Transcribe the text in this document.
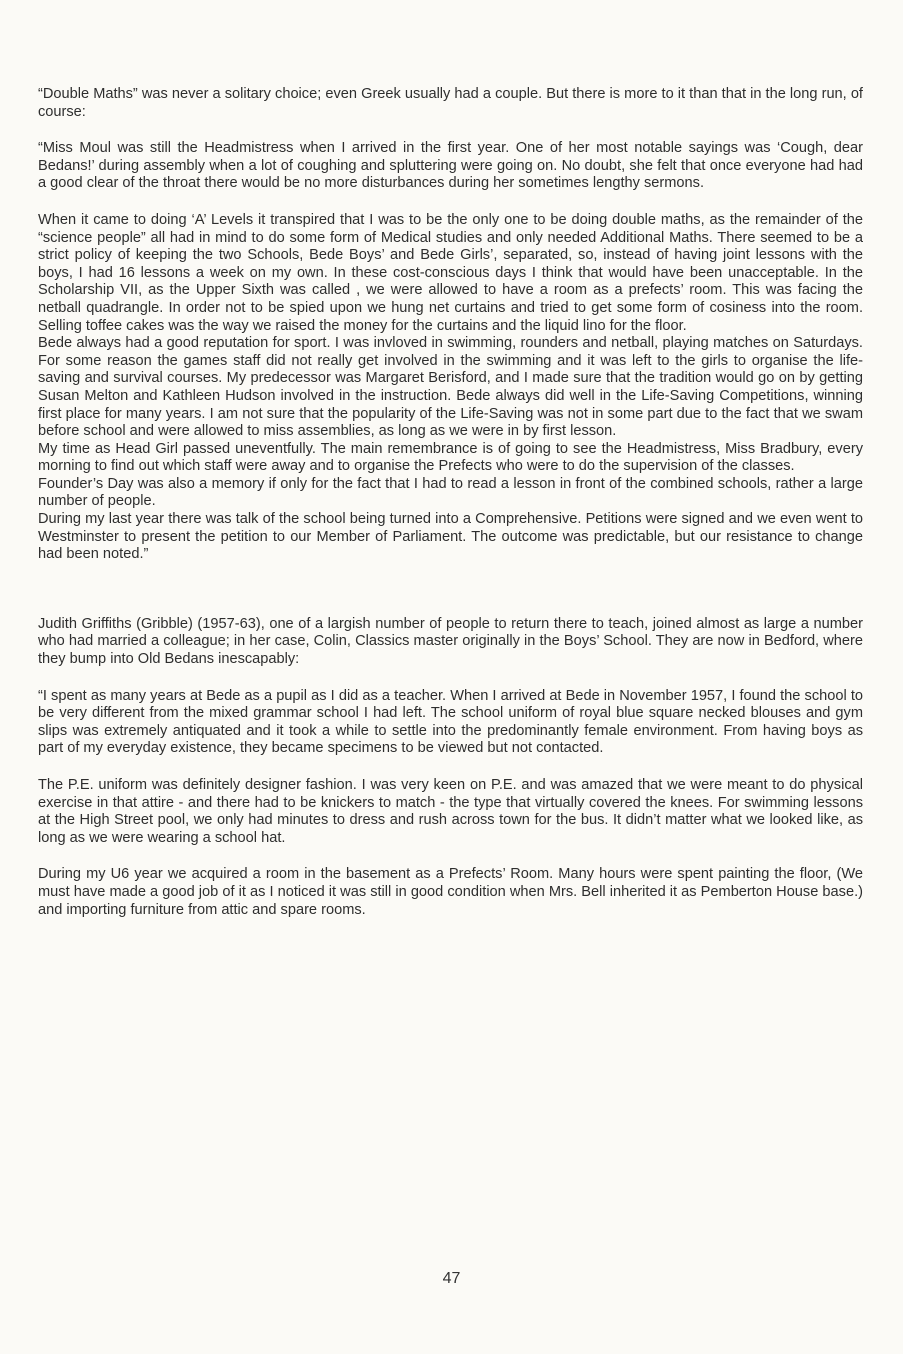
“Double Maths” was never a solitary choice; even Greek usually had a couple. But there is more to it than that in the long run, of course:

“Miss Moul was still the Headmistress when I arrived in the first year. One of her most notable sayings was ‘Cough, dear Bedans!’ during assembly when a lot of coughing and spluttering were going on. No doubt, she felt that once everyone had had a good clear of the throat there would be no more disturbances during her sometimes lengthy sermons.

When it came to doing ‘A’ Levels it transpired that I was to be the only one to be doing double maths, as the remainder of the “science people” all had in mind to do some form of Medical studies and only needed Additional Maths. There seemed to be a strict policy of keeping the two Schools, Bede Boys’ and Bede Girls’, separated, so, instead of having joint lessons with the boys, I had 16 lessons a week on my own. In these cost-conscious days I think that would have been unacceptable. In the Scholarship VII, as the Upper Sixth was called , we were allowed to have a room as a prefects’ room. This was facing the netball quadrangle. In order not to be spied upon we hung net curtains and tried to get some form of cosiness into the room. Selling toffee cakes was the way we raised the money for the curtains and the liquid lino for the floor.

Bede always had a good reputation for sport. I was invloved in swimming, rounders and netball, playing matches on Saturdays. For some reason the games staff did not really get involved in the swimming and it was left to the girls to organise the life-saving and survival courses. My predecessor was Margaret Berisford, and I made sure that the tradition would go on by getting Susan Melton and Kathleen Hudson involved in the instruction. Bede always did well in the Life-Saving Competitions, winning first place for many years. I am not sure that the popularity of the Life-Saving was not in some part due to the fact that we swam before school and were allowed to miss assemblies, as long as we were in by first lesson.

My time as Head Girl passed uneventfully. The main remembrance is of going to see the Headmistress, Miss Bradbury, every morning to find out which staff were away and to organise the Prefects who were to do the supervision of the classes.

Founder’s Day was also a memory if only for the fact that I had to read a lesson in front of the combined schools, rather a large number of people.

During my last year there was talk of the school being turned into a Comprehensive. Petitions were signed and we even went to Westminster to present the petition to our Member of Parliament. The outcome was predictable, but our resistance to change had been noted.”

Judith Griffiths (Gribble) (1957-63), one of a largish number of people to return there to teach, joined almost as large a number who had married a colleague; in her case, Colin, Classics master originally in the Boys’ School. They are now in Bedford, where they bump into Old Bedans inescapably:

“I spent as many years at Bede as a pupil as I did as a teacher. When I arrived at Bede in November 1957, I found the school to be very different from the mixed grammar school I had left. The school uniform of royal blue square necked blouses and gym slips was extremely antiquated and it took a while to settle into the predominantly female environment. From having boys as part of my everyday existence, they became specimens to be viewed but not contacted.

The P.E. uniform was definitely designer fashion. I was very keen on P.E. and was amazed that we were meant to do physical exercise in that attire - and there had to be knickers to match - the type that virtually covered the knees. For swimming lessons at the High Street pool, we only had minutes to dress and rush across town for the bus. It didn’t matter what we looked like, as long as we were wearing a school hat.

During my U6 year we acquired a room in the basement as a Prefects’ Room. Many hours were spent painting the floor, (We must have made a good job of it as I noticed it was still in good condition when Mrs. Bell inherited it as Pemberton House base.) and importing furniture from attic and spare rooms.

47
